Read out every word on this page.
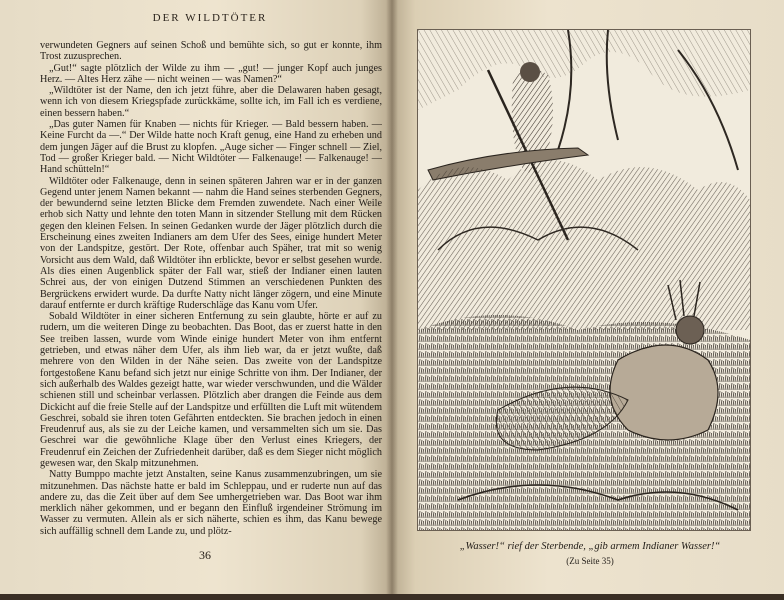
DER WILDTÖTER

verwundeten Gegners auf seinen Schoß und bemühte sich, so gut er konnte, ihm Trost zuzusprechen.

„Gut!“ sagte plötzlich der Wilde zu ihm — „gut! — junger Kopf auch junges Herz. — Altes Herz zähe — nicht weinen — was Namen?“

„Wildtöter ist der Name, den ich jetzt führe, aber die Delawaren haben gesagt, wenn ich von diesem Kriegspfade zurückkäme, sollte ich, im Fall ich es verdiene, einen bessern haben.“

„Das guter Namen für Knaben — nichts für Krieger. — Bald bessern haben. — Keine Furcht da —.“ Der Wilde hatte noch Kraft genug, eine Hand zu erheben und dem jungen Jäger auf die Brust zu klopfen. „Auge sicher — Finger schnell — Ziel, Tod — großer Krieger bald. — Nicht Wildtöter — Falkenauge! — Falkenauge! — Hand schütteln!“

Wildtöter oder Falkenauge, denn in seinen späteren Jahren war er in der ganzen Gegend unter jenem Namen bekannt — nahm die Hand seines sterbenden Gegners, der bewundernd seine letzten Blicke dem Fremden zuwendete. Nach einer Weile erhob sich Natty und lehnte den toten Mann in sitzender Stellung mit dem Rücken gegen den kleinen Felsen. In seinen Gedanken wurde der Jäger plötzlich durch die Erscheinung eines zweiten Indianers am dem Ufer des Sees, einige hundert Meter von der Landspitze, gestört. Der Rote, offenbar auch Späher, trat mit so wenig Vorsicht aus dem Wald, daß Wildtöter ihn erblickte, bevor er selbst gesehen wurde. Als dies einen Augenblick später der Fall war, stieß der Indianer einen lauten Schrei aus, der von einigen Dutzend Stimmen an verschiedenen Punkten des Bergrückens erwidert wurde. Da durfte Natty nicht länger zögern, und eine Minute darauf entfernte er durch kräftige Ruderschläge das Kanu vom Ufer.

Sobald Wildtöter in einer sicheren Entfernung zu sein glaubte, hörte er auf zu rudern, um die weiteren Dinge zu beobachten. Das Boot, das er zuerst hatte in den See treiben lassen, wurde vom Winde einige hundert Meter von ihm entfernt getrieben, und etwas näher dem Ufer, als ihm lieb war, da er jetzt wußte, daß mehrere von den Wilden in der Nähe seien. Das zweite von der Landspitze fortgestoßene Kanu befand sich jetzt nur einige Schritte von ihm. Der Indianer, der sich außerhalb des Waldes gezeigt hatte, war wieder verschwunden, und die Wälder schienen still und scheinbar verlassen. Plötzlich aber drangen die Feinde aus dem Dickicht auf die freie Stelle auf der Landspitze und erfüllten die Luft mit wütendem Geschrei, sobald sie ihren toten Gefährten entdeckten. Sie brachen jedoch in einen Freudenruf aus, als sie zu der Leiche kamen, und versammelten sich um sie. Das Geschrei war die gewöhnliche Klage über den Verlust eines Kriegers, der Freudenruf ein Zeichen der Zufriedenheit darüber, daß es dem Sieger nicht möglich gewesen war, den Skalp mitzunehmen.

Natty Bumppo machte jetzt Anstalten, seine Kanus zusammenzubringen, um sie mitzunehmen. Das nächste hatte er bald im Schleppau, und er ruderte nun auf das andere zu, das die Zeit über auf dem See umhergetrieben war. Das Boot war ihm merklich näher gekommen, und er begann den Einfluß irgendeiner Strömung im Wasser zu vermuten. Allein als er sich näherte, schien es ihm, das Kanu bewege sich auffällig schnell dem Lande zu, und plötz-

36
„Wasser!“ rief der Sterbende, „gib armem Indianer Wasser!“
(Zu Seite 35)
